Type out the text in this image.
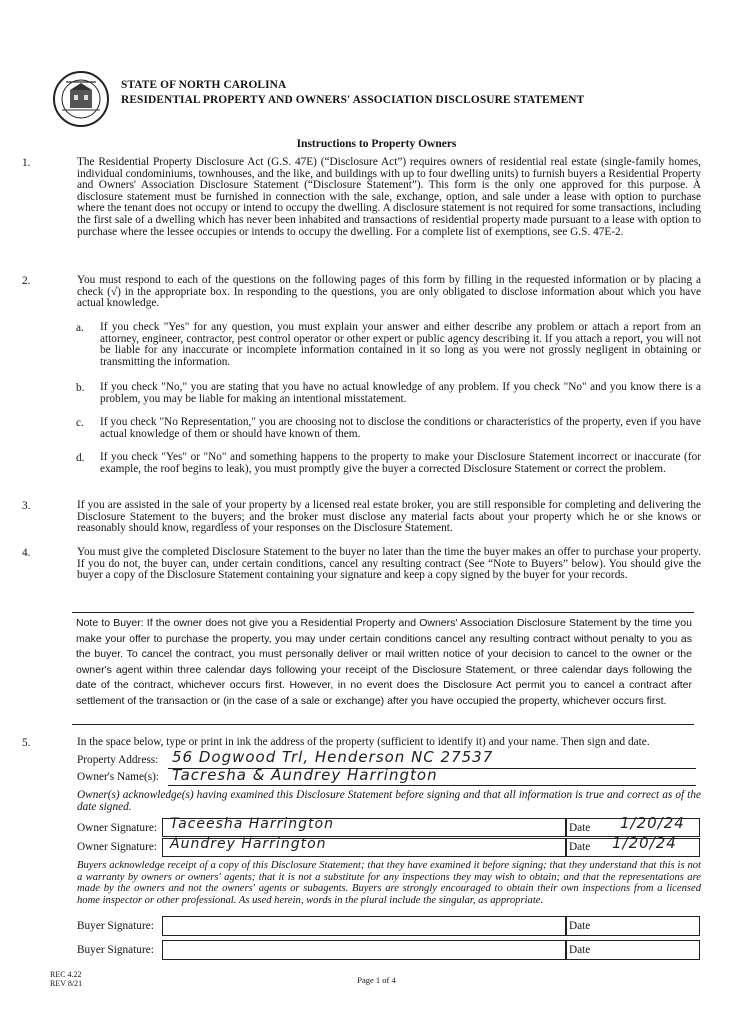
STATE OF NORTH CAROLINA
RESIDENTIAL PROPERTY AND OWNERS' ASSOCIATION DISCLOSURE STATEMENT
Instructions to Property Owners
1.	The Residential Property Disclosure Act (G.S. 47E) (“Disclosure Act”) requires owners of residential real estate (single-family homes, individual condominiums, townhouses, and the like, and buildings with up to four dwelling units) to furnish buyers a Residential Property and Owners' Association Disclosure Statement (“Disclosure Statement”). This form is the only one approved for this purpose. A disclosure statement must be furnished in connection with the sale, exchange, option, and sale under a lease with option to purchase where the tenant does not occupy or intend to occupy the dwelling. A disclosure statement is not required for some transactions, including the first sale of a dwelling which has never been inhabited and transactions of residential property made pursuant to a lease with option to purchase where the lessee occupies or intends to occupy the dwelling. For a complete list of exemptions, see G.S. 47E-2.
2.	You must respond to each of the questions on the following pages of this form by filling in the requested information or by placing a check (√) in the appropriate box. In responding to the questions, you are only obligated to disclose information about which you have actual knowledge.
a. If you check "Yes" for any question, you must explain your answer and either describe any problem or attach a report from an attorney, engineer, contractor, pest control operator or other expert or public agency describing it. If you attach a report, you will not be liable for any inaccurate or incomplete information contained in it so long as you were not grossly negligent in obtaining or transmitting the information.
b. If you check "No," you are stating that you have no actual knowledge of any problem. If you check "No" and you know there is a problem, you may be liable for making an intentional misstatement.
c. If you check "No Representation," you are choosing not to disclose the conditions or characteristics of the property, even if you have actual knowledge of them or should have known of them.
d. If you check "Yes" or "No" and something happens to the property to make your Disclosure Statement incorrect or inaccurate (for example, the roof begins to leak), you must promptly give the buyer a corrected Disclosure Statement or correct the problem.
3.	If you are assisted in the sale of your property by a licensed real estate broker, you are still responsible for completing and delivering the Disclosure Statement to the buyers; and the broker must disclose any material facts about your property which he or she knows or reasonably should know, regardless of your responses on the Disclosure Statement.
4.	You must give the completed Disclosure Statement to the buyer no later than the time the buyer makes an offer to purchase your property. If you do not, the buyer can, under certain conditions, cancel any resulting contract (See “Note to Buyers” below). You should give the buyer a copy of the Disclosure Statement containing your signature and keep a copy signed by the buyer for your records.
Note to Buyer: If the owner does not give you a Residential Property and Owners' Association Disclosure Statement by the time you make your offer to purchase the property, you may under certain conditions cancel any resulting contract without penalty to you as the buyer. To cancel the contract, you must personally deliver or mail written notice of your decision to cancel to the owner or the owner's agent within three calendar days following your receipt of the Disclosure Statement, or three calendar days following the date of the contract, whichever occurs first. However, in no event does the Disclosure Act permit you to cancel a contract after settlement of the transaction or (in the case of a sale or exchange) after you have occupied the property, whichever occurs first.
5.	In the space below, type or print in ink the address of the property (sufficient to identify it) and your name. Then sign and date.
Property Address: 56 Dogwood Trl, Henderson NC 27537
Owner's Name(s): Tacresha & Aundrey Harrington
Owner(s) acknowledge(s) having examined this Disclosure Statement before signing and that all information is true and correct as of the date signed.
Owner Signature: Taceesha Harrington	Date 1/20/24
Owner Signature: Aundrey Harrington	Date 1/20/24
Buyers acknowledge receipt of a copy of this Disclosure Statement; that they have examined it before signing; that they understand that this is not a warranty by owners or owners' agents; that it is not a substitute for any inspections they may wish to obtain; and that the representations are made by the owners and not the owners' agents or subagents. Buyers are strongly encouraged to obtain their own inspections from a licensed home inspector or other professional. As used herein, words in the plural include the singular, as appropriate.
Buyer Signature:	Date
Buyer Signature:	Date
REC 4.22
REV 8/21	Page 1 of 4
